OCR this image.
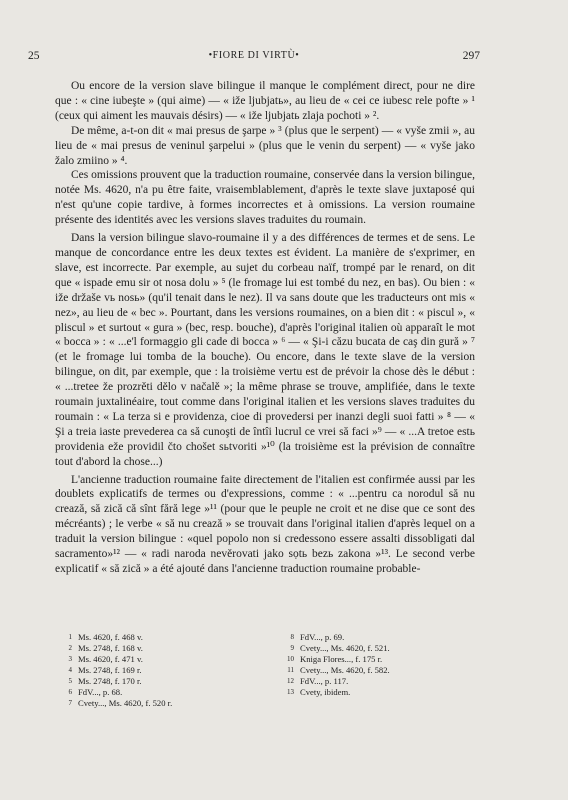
25	•FIORE DI VIRTÙ•	297

Ou encore de la version slave bilingue il manque le complément direct, pour ne dire que : « cine iubeşte » (qui aime) — « iže ljubjatь», au lieu de « cei ce iubesc rele pofte » ¹ (ceux qui aiment les mauvais désirs) — « iže ljubjatь zlaja pochoti » ².

De même, a-t-on dit « mai presus de şarpe » ³ (plus que le serpent) — « vyše zmii », au lieu de « mai presus de veninul şarpelui » (plus que le venin du serpent) — « vyše jako žalo zmiino » ⁴.

Ces omissions prouvent que la traduction roumaine, conservée dans la version bilingue, notée Ms. 4620, n'a pu être faite, vraisemblablement, d'après le texte slave juxtaposé qui n'est qu'une copie tardive, à formes incorrectes et à omissions. La version roumaine présente des identités avec les versions slaves traduites du roumain.

Dans la version bilingue slavo-roumaine il y a des différences de termes et de sens. Le manque de concordance entre les deux textes est évident. La manière de s'exprimer, en slave, est incorrecte. Par exemple, au sujet du corbeau naïf, trompé par le renard, on dit que « ispade emu sir ot nosa dolu » ⁵ (le fromage lui est tombé du nez, en bas). Ou bien : « iže držaše vь nosь» (qu'il tenait dans le nez). Il va sans doute que les traducteurs ont mis « nez», au lieu de « bec ». Pourtant, dans les versions roumaines, on a bien dit : « piscul », « pliscul » et surtout « gura » (bec, resp. bouche), d'après l'original italien où apparaît le mot « bocca » : « ...e'l formaggio gli cade di bocca » ⁶ — « Şi-i căzu bucata de caş din gură » ⁷ (et le fromage lui tomba de la bouche). Ou encore, dans le texte slave de la version bilingue, on dit, par exemple, que : la troisième vertu est de prévoir la chose dès le début : « ...tretee že prozrěti dělo v načalě »; la même phrase se trouve, amplifiée, dans le texte roumain juxtalinéaire, tout comme dans l'original italien et les versions slaves traduites du roumain : « La terza si e providenza, cioe di provedersi per inanzi degli suoi fatti » ⁸ — « Şi a treia iaste prevederea ca să cunoşti de întîi lucrul ce vrei să faci »⁹ — « ...A tretoe estь providenia eže providil čto chošet sьtvoriti »¹⁰ (la troisième est la prévision de connaître tout d'abord la chose...)

L'ancienne traduction roumaine faite directement de l'italien est confirmée aussi par les doublets explicatifs de termes ou d'expressions, comme : « ...pentru ca norodul să nu crează, să zică că sînt fără lege »¹¹ (pour que le peuple ne croit et ne dise que ce sont des mécréants) ; le verbe « să nu crează » se trouvait dans l'original italien d'après lequel on a traduit la version bilingue : «quel popolo non si credessono essere assalti dissobligati dal sacramento»¹² — « radi naroda nevěrovati jako sọtь bezь zakona »¹³. Le second verbe explicatif « să zică » a été ajouté dans l'ancienne traduction roumaine probable-

1 Ms. 4620, f. 468 v.
2 Ms. 2748, f. 168 v.
3 Ms. 4620, f. 471 v.
4 Ms. 2748, f. 169 r.
5 Ms. 2748, f. 170 r.
6 FdV..., p. 68.
7 Cvety..., Ms. 4620, f. 520 r.
8 FdV..., p. 69.
9 Cvety..., Ms. 4620, f. 521.
10 Kniga Flores..., f. 175 r.
11 Cvety..., Ms. 4620, f. 582.
12 FdV..., p. 117.
13 Cvety, ibidem.
